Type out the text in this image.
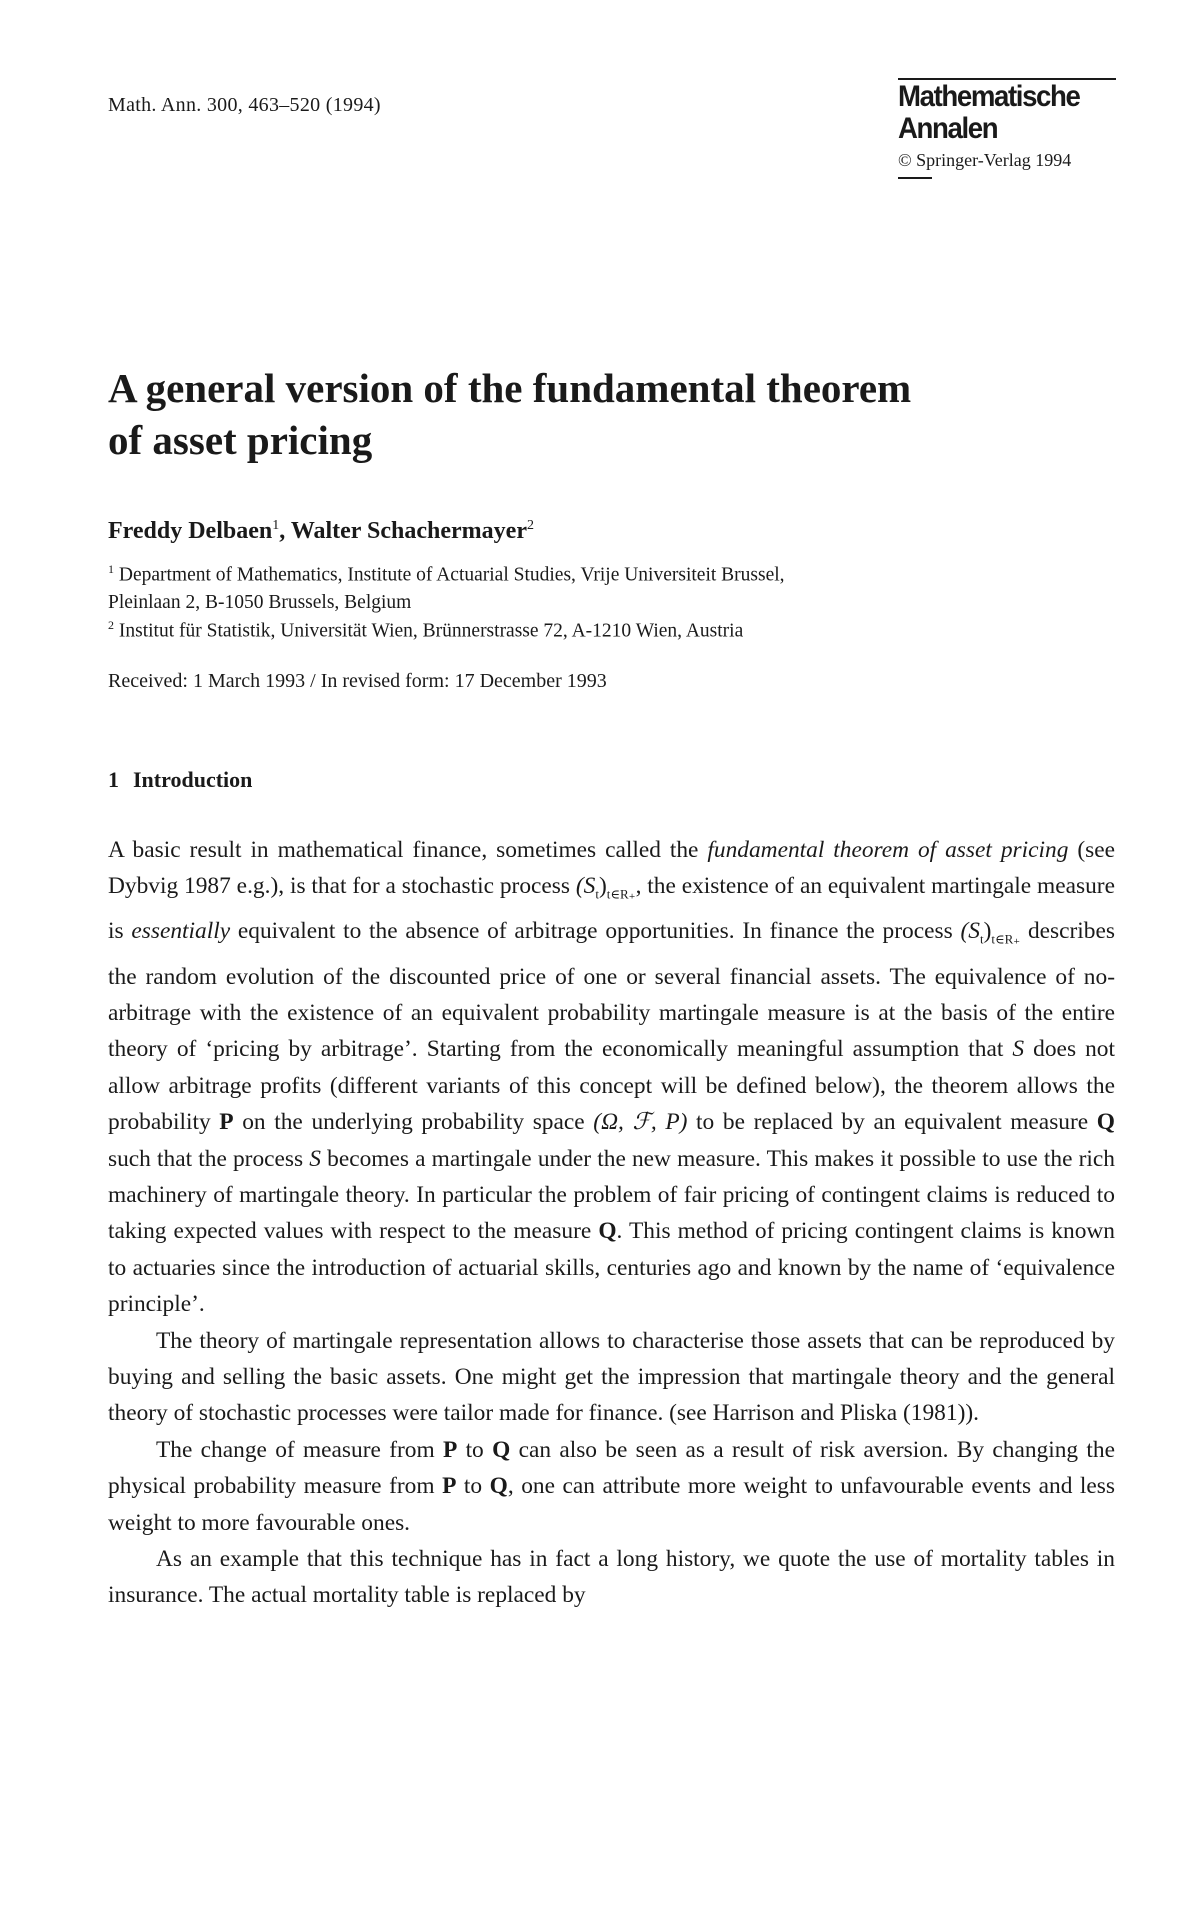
Math. Ann. 300, 463–520 (1994)	Mathematische
Annalen
© Springer-Verlag 1994
A general version of the fundamental theorem
of asset pricing
Freddy Delbaen$^1$, Walter Schachermayer$^2$
$^1$ Department of Mathematics, Institute of Actuarial Studies, Vrije Universiteit Brussel,
Pleinlaan 2, B-1050 Brussels, Belgium
$^2$ Institut für Statistik, Universität Wien, Brünnerstrasse 72, A-1210 Wien, Austria
Received: 1 March 1993 / In revised form: 17 December 1993
1 Introduction

A basic result in mathematical finance, sometimes called the fundamental theorem of asset pricing (see Dybvig 1987 e.g.), is that for a stochastic process $(S_t)_{t\in R_+}$, the existence of an equivalent martingale measure is essentially equivalent to the absence of arbitrage opportunities. In finance the process $(S_t)_{t\in R_+}$ describes the random evolution of the discounted price of one or several financial assets. The equivalence of no-arbitrage with the existence of an equivalent probability martingale measure is at the basis of the entire theory of ‘pricing by arbitrage’. Starting from the economically meaningful assumption that S does not allow arbitrage profits (different variants of this concept will be defined below), the theorem allows the probability P on the underlying probability space (Ω, ℱ, P) to be replaced by an equivalent measure Q such that the process S becomes a martingale under the new measure. This makes it possible to use the rich machinery of martingale theory. In particular the problem of fair pricing of contingent claims is reduced to taking expected values with respect to the measure Q. This method of pricing contingent claims is known to actuaries since the introduction of actuarial skills, centuries ago and known by the name of ‘equivalence principle’.

The theory of martingale representation allows to characterise those assets that can be reproduced by buying and selling the basic assets. One might get the impression that martingale theory and the general theory of stochastic processes were tailor made for finance. (see Harrison and Pliska (1981)).

The change of measure from P to Q can also be seen as a result of risk aversion. By changing the physical probability measure from P to Q, one can attribute more weight to unfavourable events and less weight to more favourable ones.

As an example that this technique has in fact a long history, we quote the use of mortality tables in insurance. The actual mortality table is replaced by
